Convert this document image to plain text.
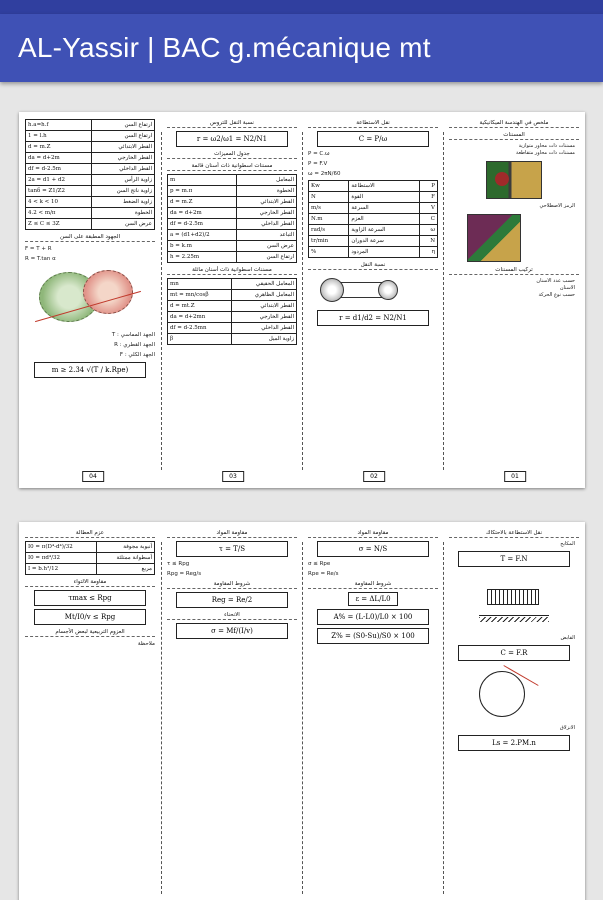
AL-Yassir | BAC g.mécanique mt
h.a=h.f	ارتفاع السن
1 = l.h	ارتفاع السن
d = m.Z	القطر الابتدائي
da = d+2m	القطر الخارجي
df = d-2.5m	القطر الداخلي
2a = d1 + d2	زاوية الرأس
tanδ = Z1/Z2	زاوية ناتج السن
4 < k < 10	زاوية الضغط
4.2 < m/π	الخطوة
Z ≤ C ≤ 3Z	عرض السن
الجهود المطبقة على السن
F = T + R
R = T.tan α
T : الجهد المماسي
R : الجهد القطري
F : الجهد الكلي
m ≥ 2.34 √(T / k.Rpe)
04
نسبة النقل للتروس
r = ω2/ω1 = N2/N1
جدول المميزات
مسننات اسطوانية ذات أسنان قائمة
m	المعامل
p = m.π	الخطوة
d = m.Z	القطر الابتدائي
da = d+2m	القطر الخارجي
df = d-2.5m	القطر الداخلي
a = (d1+d2)/2	التباعد
b = k.m	عرض السن
h = 2.25m	ارتفاع السن
مسننات اسطوانية ذات أسنان مائلة
mn	المعامل الحقيقي
mt = mn/cosβ	المعامل الظاهري
d = mt.Z	القطر الابتدائي
da = d+2mn	القطر الخارجي
df = d-2.5mn	القطر الداخلي
β	زاوية الميل
03
نقل الاستطاعة
C = P/ω
P = C.ω
P = F.V
ω = 2πN/60
Kw	الاستطاعة	P
N	القوة	F
m/s	السرعة	V
N.m	العزم	C
rad/s	السرعة الزاوية	ω
tr/min	سرعة الدوران	N
%	المردود	η
نسبة النقل
r = d1/d2 = N2/N1
02
ملخص في الهندسة الميكانيكية
المسننات
مسننات ذات محاور متوازية
مسننات ذات محاور متقاطعة
الرمز الاصطلاحي
تركيب المسننات
حسب عدد الأسنان
الأسنان
حسب نوع الحركة
01
عزم العطالة
I0 = π(D⁴-d⁴)/32	أنبوبة مجوفة
I0 = πd⁴/32	أسطوانة ممتلئة
I = b.h³/12	مربع
مقاومة الالتواء
τmax ≤ Rpg
Mt/I0/v ≤ Rpg
العزوم التربيعية لبعض الأجسام
ملاحظة
مقاومة المواد
τ = T/S
τ ≤ Rpg
Rpg = Reg/s
شروط المقاومة
Reg = Re/2
الانحناء
σ = Mf/(I/v)
مقاومة المواد
σ = N/S
σ ≤ Rpe
Rpe = Re/s
شروط المقاومة
ε = ΔL/L0
A% = (L-L0)/L0 × 100
Z% = (S0-Su)/S0 × 100
نقل الاستطاعة بالاحتكاك
المكابح
T = F.N
القابض
C = F.R
الانزلاق
Ls = 2.PM.n
